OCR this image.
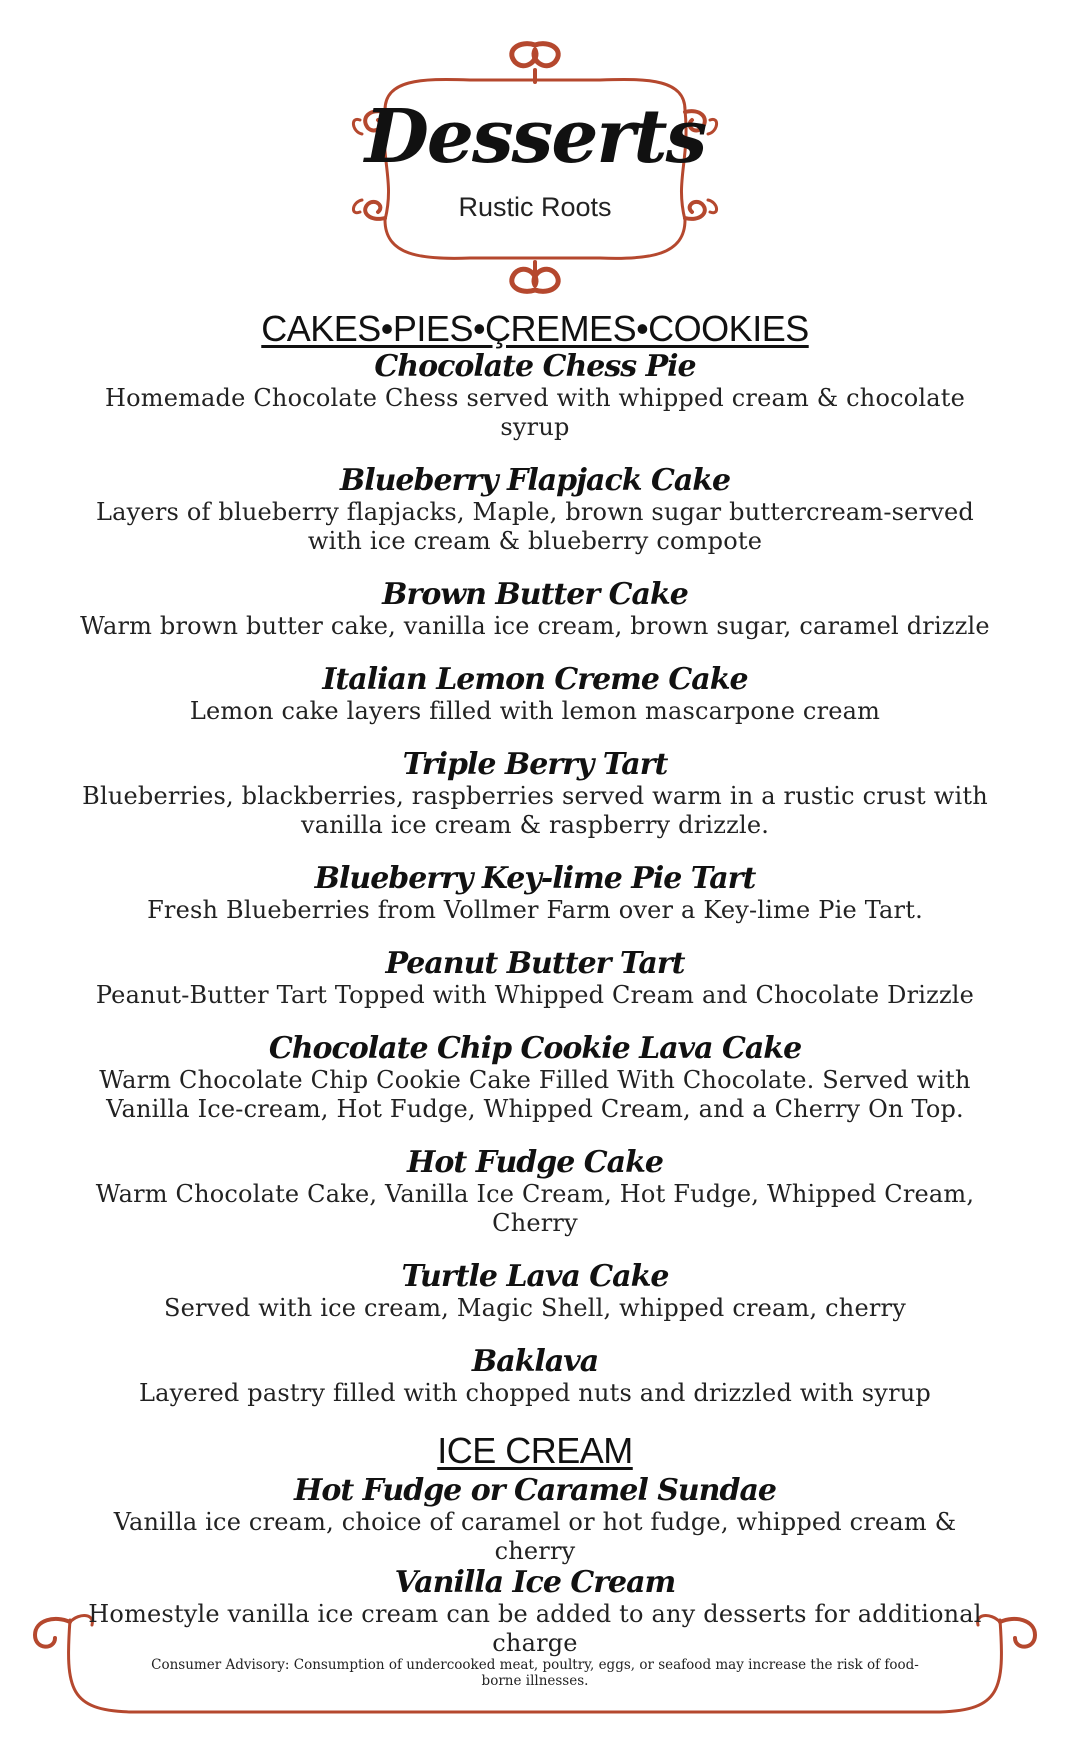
Desserts
Rustic Roots
CAKES•PIES•ÇREMES•COOKIES
Chocolate Chess Pie
Homemade Chocolate Chess served with whipped cream & chocolate syrup
Blueberry Flapjack Cake
Layers of blueberry flapjacks, Maple, brown sugar buttercream-served with ice cream & blueberry compote
Brown Butter Cake
Warm brown butter cake, vanilla ice cream, brown sugar, caramel drizzle
Italian Lemon Creme Cake
Lemon cake layers filled with lemon mascarpone cream
Triple Berry Tart
Blueberries, blackberries, raspberries served warm in a rustic crust with vanilla ice cream & raspberry drizzle.
Blueberry Key-lime Pie Tart
Fresh Blueberries from Vollmer Farm over a Key-lime Pie Tart.
Peanut Butter Tart
Peanut-Butter Tart Topped with Whipped Cream and Chocolate Drizzle
Chocolate Chip Cookie Lava Cake
Warm Chocolate Chip Cookie Cake Filled With Chocolate. Served with Vanilla Ice-cream, Hot Fudge, Whipped Cream, and a Cherry On Top.
Hot Fudge Cake
Warm Chocolate Cake, Vanilla Ice Cream, Hot Fudge, Whipped Cream, Cherry
Turtle Lava Cake
Served with ice cream, Magic Shell, whipped cream, cherry
Baklava
Layered pastry filled with chopped nuts and drizzled with syrup
ICE CREAM
Hot Fudge or Caramel Sundae
Vanilla ice cream, choice of caramel or hot fudge, whipped cream & cherry
Vanilla Ice Cream
Homestyle vanilla ice cream can be added to any desserts for additional charge
Consumer Advisory: Consumption of undercooked meat, poultry, eggs, or seafood may increase the risk of food-borne illnesses.
